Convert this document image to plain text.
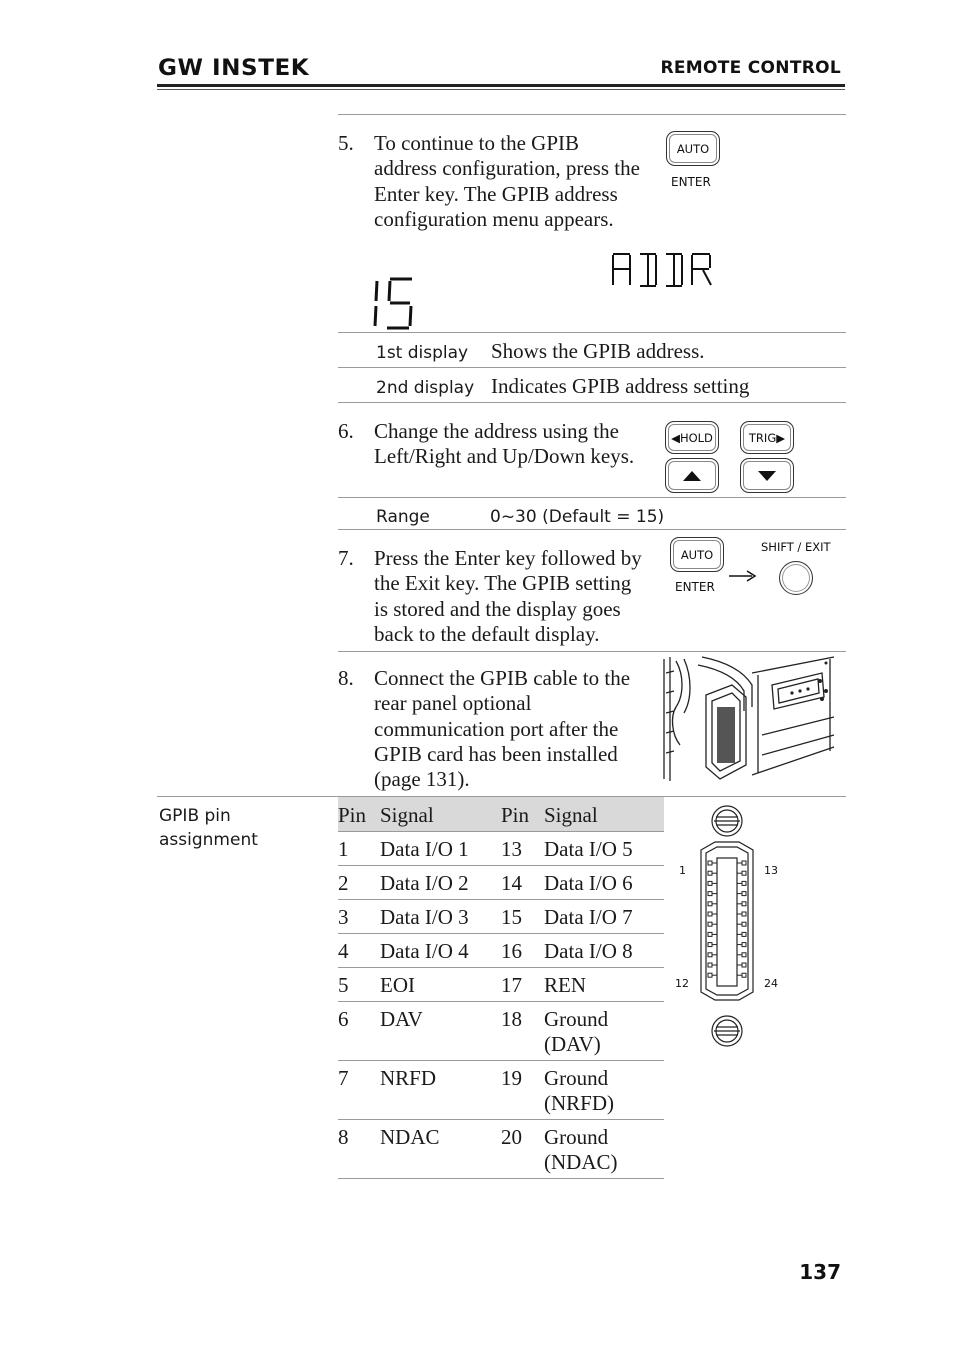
GW INSTEK	REMOTE CONTROL
5. To continue to the GPIB
address configuration, press the
Enter key. The GPIB address
configuration menu appears.
AUTO
ENTER
1st display Shows the GPIB address.
2nd display Indicates GPIB address setting
6. Change the address using the
Left/Right and Up/Down keys.
◀HOLD	TRIG▶
Range	0~30 (Default = 15)
7. Press the Enter key followed by
the Exit key. The GPIB setting
is stored and the display goes
back to the default display.
AUTO
ENTER
SHIFT / EXIT
8. Connect the GPIB cable to the
rear panel optional
communication port after the
GPIB card has been installed
(page 131).
GPIB pin
assignment
Pin	Signal	Pin	Signal
1	Data I/O 1	13	Data I/O 5

2	Data I/O 2	14	Data I/O 6

3	Data I/O 3	15	Data I/O 7

4	Data I/O 4	16	Data I/O 8

5	EOI	17	REN

6	DAV	18	Ground
(DAV)

7	NRFD	19	Ground
(NRFD)

8	NDAC	20	Ground
(NDAC)
1	13
12	24
137
